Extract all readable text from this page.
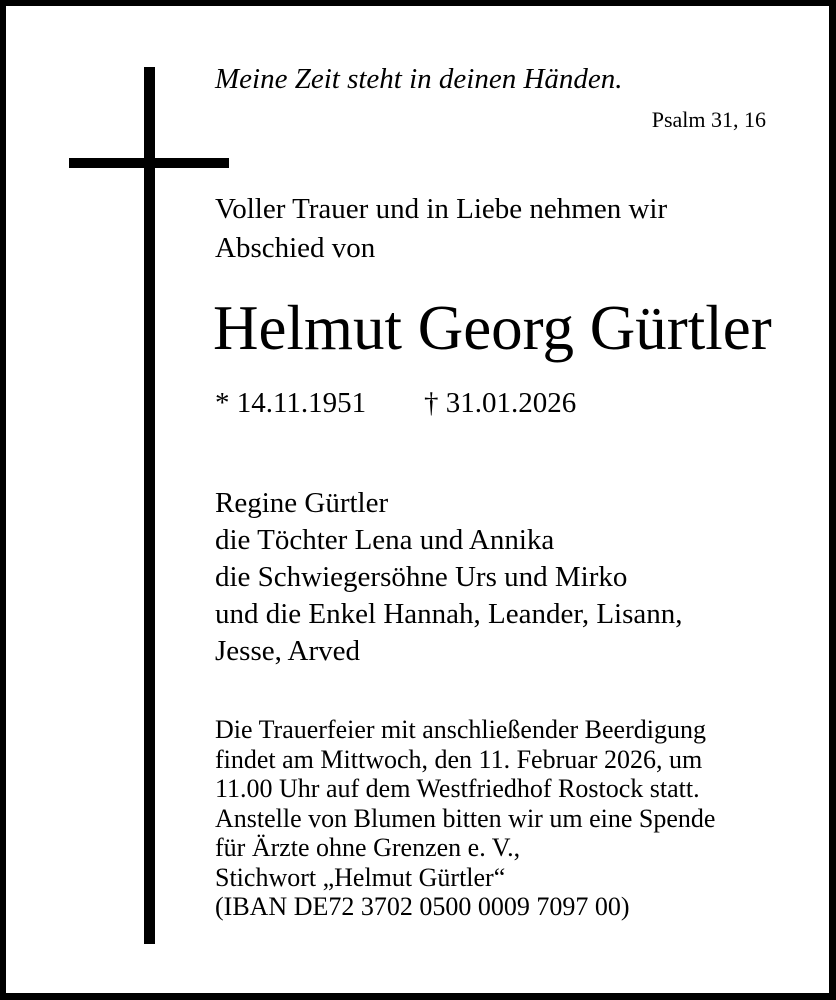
Meine Zeit steht in deinen Händen.

Psalm 31, 16

Voller Trauer und in Liebe nehmen wir
Abschied von
Helmut Georg Gürtler
* 14.11.1951 † 31.01.2026
Regine Gürtler
die Töchter Lena und Annika
die Schwiegersöhne Urs und Mirko
und die Enkel Hannah, Leander, Lisann,
Jesse, Arved
Die Trauerfeier mit anschließender Beerdigung
findet am Mittwoch, den 11. Februar 2026, um
11.00 Uhr auf dem Westfriedhof Rostock statt.
Anstelle von Blumen bitten wir um eine Spende
für Ärzte ohne Grenzen e. V.,
Stichwort „Helmut Gürtler“
(IBAN DE72 3702 0500 0009 7097 00)
